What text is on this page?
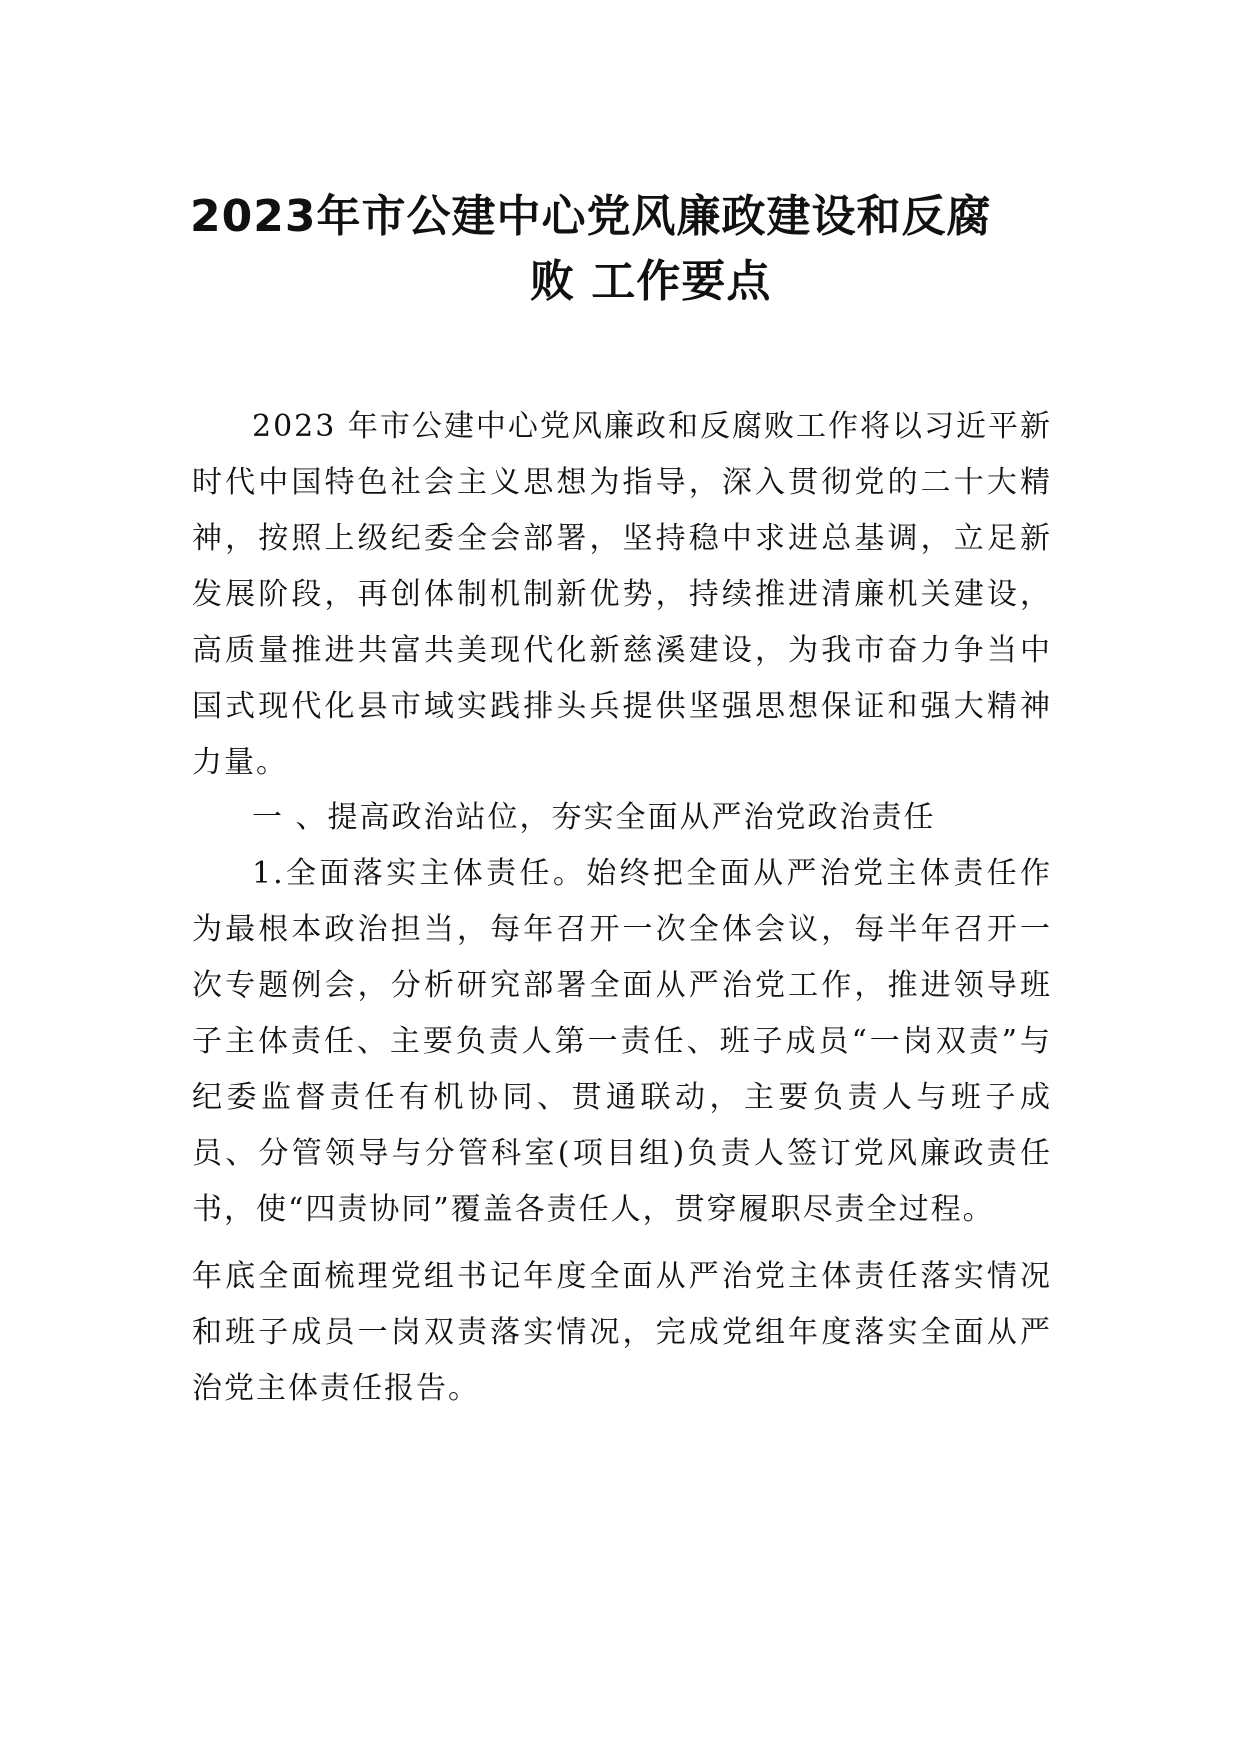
2023年市公建中心党风廉政建设和反腐
败 工作要点

2023 年市公建中心党风廉政和反腐败工作将以习近平新时代中国特色社会主义思想为指导，深入贯彻党的二十大精神，按照上级纪委全会部署，坚持稳中求进总基调，立足新发展阶段，再创体制机制新优势，持续推进清廉机关建设，高质量推进共富共美现代化新慈溪建设，为我市奋力争当中国式现代化县市域实践排头兵提供坚强思想保证和强大精神力量。

一 、提高政治站位，夯实全面从严治党政治责任

1.全面落实主体责任。始终把全面从严治党主体责任作为最根本政治担当，每年召开一次全体会议，每半年召开一次专题例会，分析研究部署全面从严治党工作，推进领导班子主体责任、主要负责人第一责任、班子成员“一岗双责”与纪委监督责任有机协同、贯通联动，主要负责人与班子成员、分管领导与分管科室(项目组)负责人签订党风廉政责任书，使“四责协同”覆盖各责任人，贯穿履职尽责全过程。

年底全面梳理党组书记年度全面从严治党主体责任落实情况和班子成员一岗双责落实情况，完成党组年度落实全面从严治党主体责任报告。
